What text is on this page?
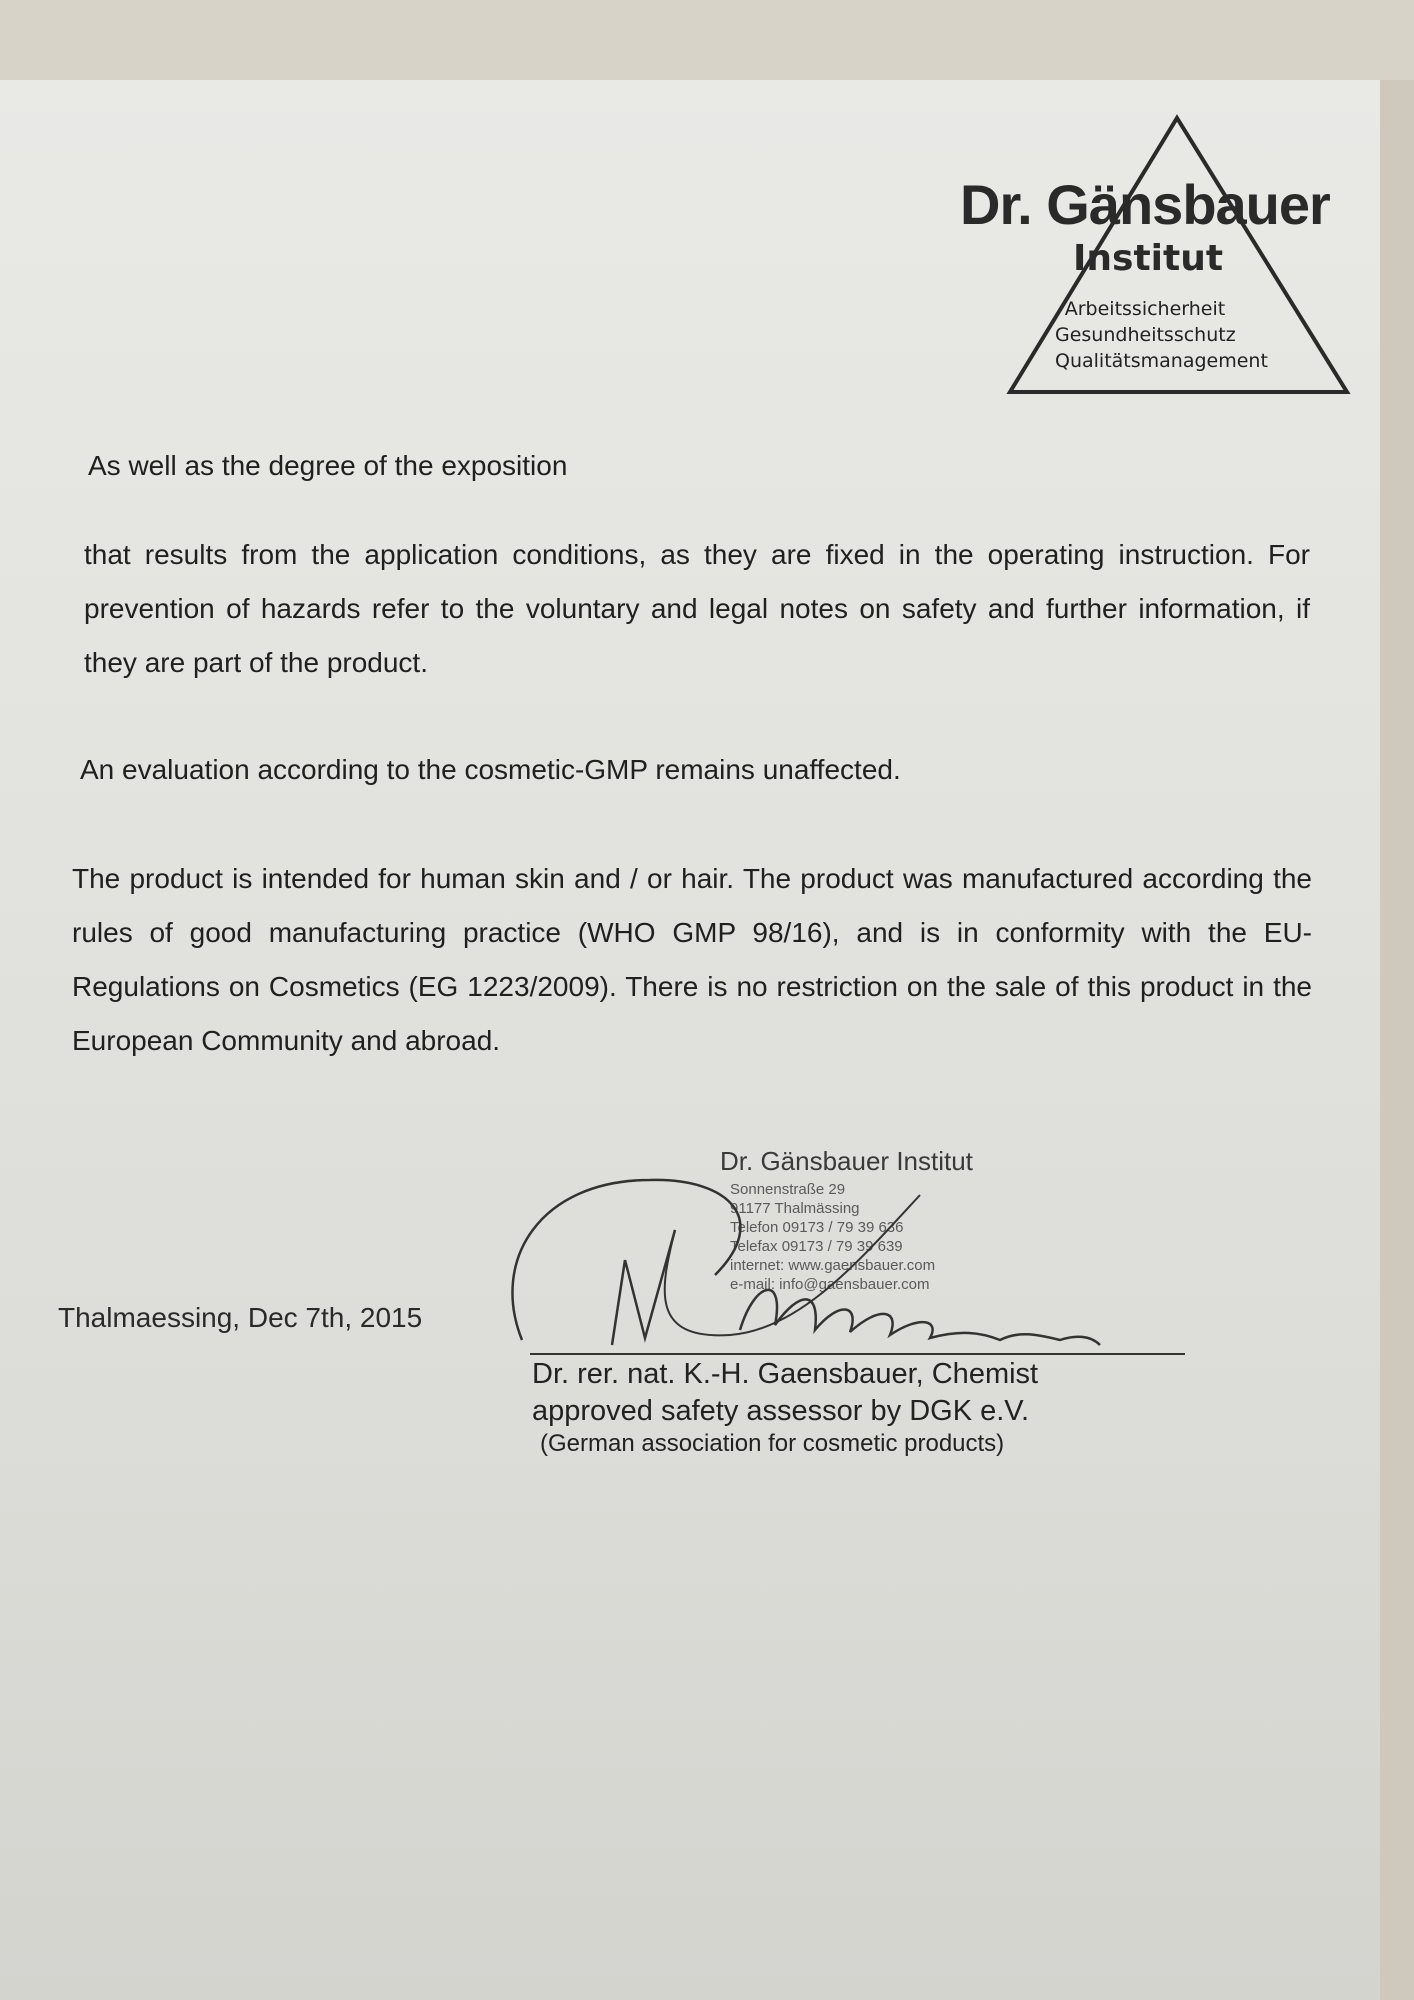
Dr. Gänsbauer
Institut
Arbeitssicherheit
Gesundheitsschutz
Qualitätsmanagement
As well as the degree of the exposition
that results from the application conditions, as they are fixed in the operating instruction. For prevention of hazards refer to the voluntary and legal notes on safety and further information, if they are part of the product.
An evaluation according to the cosmetic-GMP remains unaffected.
The product is intended for human skin and / or hair. The product was manufactured according the rules of good manufacturing practice (WHO GMP 98/16), and is in conformity with the EU-Regulations on Cosmetics (EG 1223/2009). There is no restriction on the sale of this product in the European Community and abroad.
Thalmaessing, Dec 7th, 2015
Dr. Gänsbauer Institut
Sonnenstraße 29
91177 Thalmässing
Telefon 09173 / 79 39 636
Telefax 09173 / 79 39 639
internet: www.gaensbauer.com
e-mail: info@gaensbauer.com
Dr. rer. nat. K.-H. Gaensbauer, Chemist
approved safety assessor by DGK e.V.
(German association for cosmetic products)
